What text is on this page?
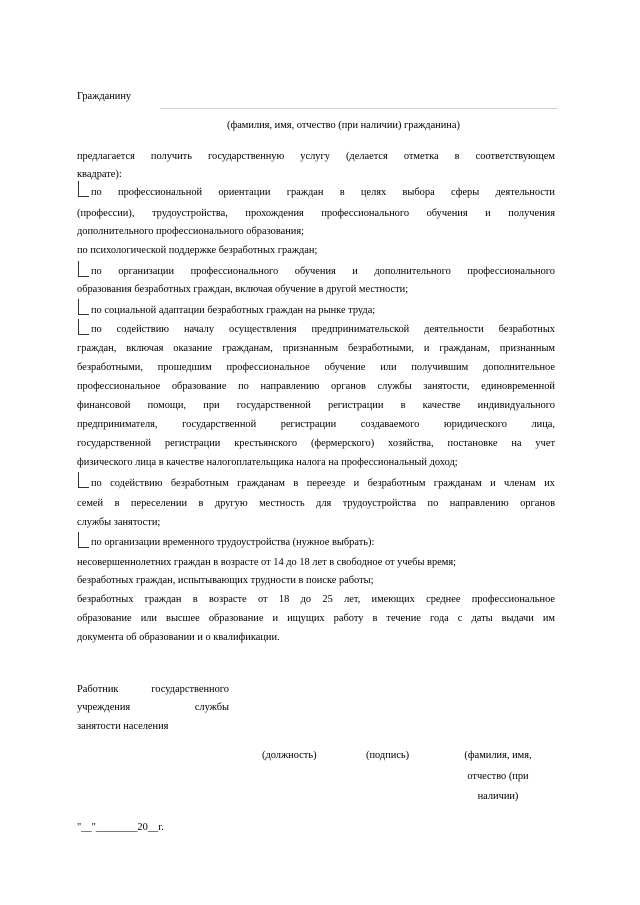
Гражданину
(фамилия, имя, отчество (при наличии) гражданина)
предлагается получить государственную услугу (делается отметка в соответствующем
квадрате):
по профессиональной ориентации граждан в целях выбора сферы деятельности
(профессии), трудоустройства, прохождения профессионального обучения и получения
дополнительного профессионального образования;
по психологической поддержке безработных граждан;
по организации профессионального обучения и дополнительного профессионального
образования безработных граждан, включая обучение в другой местности;
по социальной адаптации безработных граждан на рынке труда;
по содействию началу осуществления предпринимательской деятельности безработных
граждан, включая оказание гражданам, признанным безработными, и гражданам, признанным
безработными, прошедшим профессиональное обучение или получившим дополнительное
профессиональное образование по направлению органов службы занятости, единовременной
финансовой помощи, при государственной регистрации в качестве индивидуального
предпринимателя, государственной регистрации создаваемого юридического лица,
государственной регистрации крестьянского (фермерского) хозяйства, постановке на учет
физического лица в качестве налогоплательщика налога на профессиональный доход;
по содействию безработным гражданам в переезде и безработным гражданам и членам их
семей в переселении в другую местность для трудоустройства по направлению органов
службы занятости;
по организации временного трудоустройства (нужное выбрать):
несовершеннолетних граждан в возрасте от 14 до 18 лет в свободное от учебы время;
безработных граждан, испытывающих трудности в поиске работы;
безработных граждан в возрасте от 18 до 25 лет, имеющих среднее профессиональное
образование или высшее образование и ищущих работу в течение года с даты выдачи им
документа об образовании и о квалификации.
Работник государственного
учреждения службы
занятости населения
(должность)	(подпись)	(фамилия, имя,
отчество (при
наличии)
"__"________20__г.
